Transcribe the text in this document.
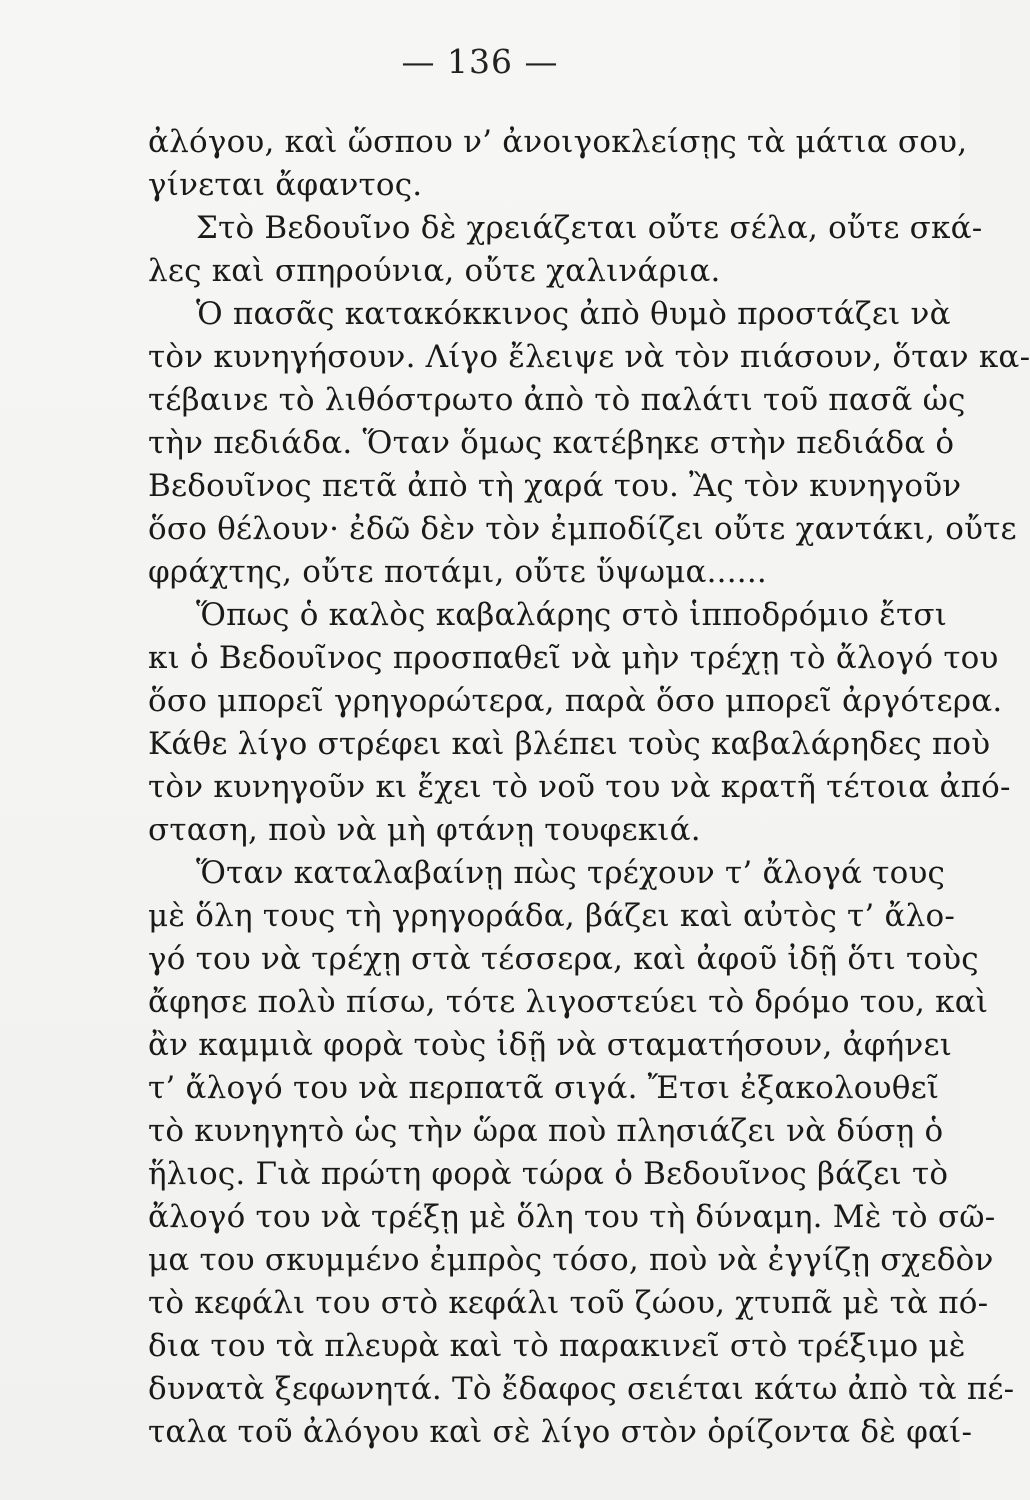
— 136 —
ἀλόγου, καὶ ὥσπου ν’ ἀνοιγοκλείσῃς τὰ μάτια σου,
γίνεται ἄφαντος.
Στὸ Βεδουῖνο δὲ χρειάζεται οὔτε σέλα, οὔτε σκά-
λες καὶ σπηρούνια, οὔτε χαλινάρια.
Ὁ πασᾶς κατακόκκινος ἀπὸ θυμὸ προστάζει νὰ
τὸν κυνηγήσουν. Λίγο ἔλειψε νὰ τὸν πιάσουν, ὅταν κα-
τέβαινε τὸ λιθόστρωτο ἀπὸ τὸ παλάτι τοῦ πασᾶ ὡς
τὴν πεδιάδα. Ὅταν ὅμως κατέβηκε στὴν πεδιάδα ὁ
Βεδουῖνος πετᾶ ἀπὸ τὴ χαρά του. Ἂς τὸν κυνηγοῦν
ὅσο θέλουν· ἐδῶ δὲν τὸν ἐμποδίζει οὔτε χαντάκι, οὔτε
φράχτης, οὔτε ποτάμι, οὔτε ὕψωμα......
Ὅπως ὁ καλὸς καβαλάρης στὸ ἱπποδρόμιο ἔτσι
κι ὁ Βεδουῖνος προσπαθεῖ νὰ μὴν τρέχῃ τὸ ἄλογό του
ὅσο μπορεῖ γρηγορώτερα, παρὰ ὅσο μπορεῖ ἀργότερα.
Κάθε λίγο στρέφει καὶ βλέπει τοὺς καβαλάρηδες ποὺ
τὸν κυνηγοῦν κι ἔχει τὸ νοῦ του νὰ κρατῆ τέτοια ἀπό-
σταση, ποὺ νὰ μὴ φτάνῃ τουφεκιά.
Ὅταν καταλαβαίνῃ πὼς τρέχουν τ’ ἄλογά τους
μὲ ὅλη τους τὴ γρηγοράδα, βάζει καὶ αὐτὸς τ’ ἄλο-
γό του νὰ τρέχῃ στὰ τέσσερα, καὶ ἀφοῦ ἰδῇ ὅτι τοὺς
ἄφησε πολὺ πίσω, τότε λιγοστεύει τὸ δρόμο του, καὶ
ἂν καμμιὰ φορὰ τοὺς ἰδῇ νὰ σταματήσουν, ἀφήνει
τ’ ἄλογό του νὰ περπατᾶ σιγά. Ἔτσι ἐξακολουθεῖ
τὸ κυνηγητὸ ὡς τὴν ὥρα ποὺ πλησιάζει νὰ δύσῃ ὁ
ἥλιος. Γιὰ πρώτη φορὰ τώρα ὁ Βεδουῖνος βάζει τὸ
ἄλογό του νὰ τρέξῃ μὲ ὅλη του τὴ δύναμη. Μὲ τὸ σῶ-
μα του σκυμμένο ἐμπρὸς τόσο, ποὺ νὰ ἐγγίζῃ σχεδὸν
τὸ κεφάλι του στὸ κεφάλι τοῦ ζώου, χτυπᾶ μὲ τὰ πό-
δια του τὰ πλευρὰ καὶ τὸ παρακινεῖ στὸ τρέξιμο μὲ
δυνατὰ ξεφωνητά. Τὸ ἔδαφος σειέται κάτω ἀπὸ τὰ πέ-
ταλα τοῦ ἀλόγου καὶ σὲ λίγο στὸν ὁρίζοντα δὲ φαί-
